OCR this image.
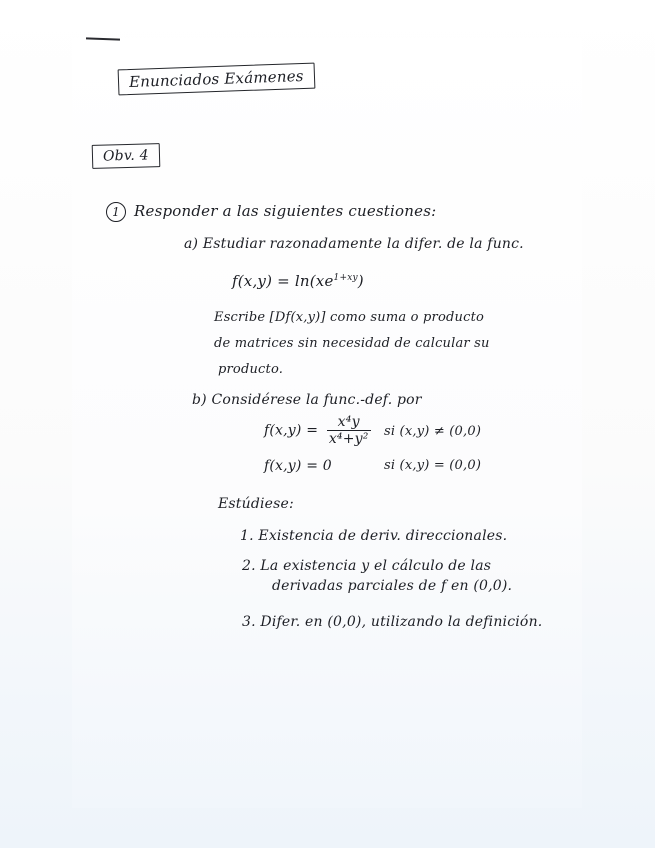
Enunciados Exámenes
Obv. 4
1 Responder a las siguientes cuestiones:
a) Estudiar razonadamente la difer. de la func.
$f(x,y) = \ln(xe^{1+xy})$
Escribe [Df(x,y)] como suma o producto
de matrices sin necesidad de calcular su
producto.
b) Considérese la func.-def. por
$f(x,y) = \frac{\text{x⁴y}}{\text{x⁴+y²}}$ si (x,y) ≠ (0,0)
f(x,y) = 0	si (x,y) = (0,0)
Estúdiese:
1. Existencia de deriv. direccionales.
2. La existencia y el cálculo de las
derivadas parciales de f en (0,0).
3. Difer. en (0,0), utilizando la definición.
